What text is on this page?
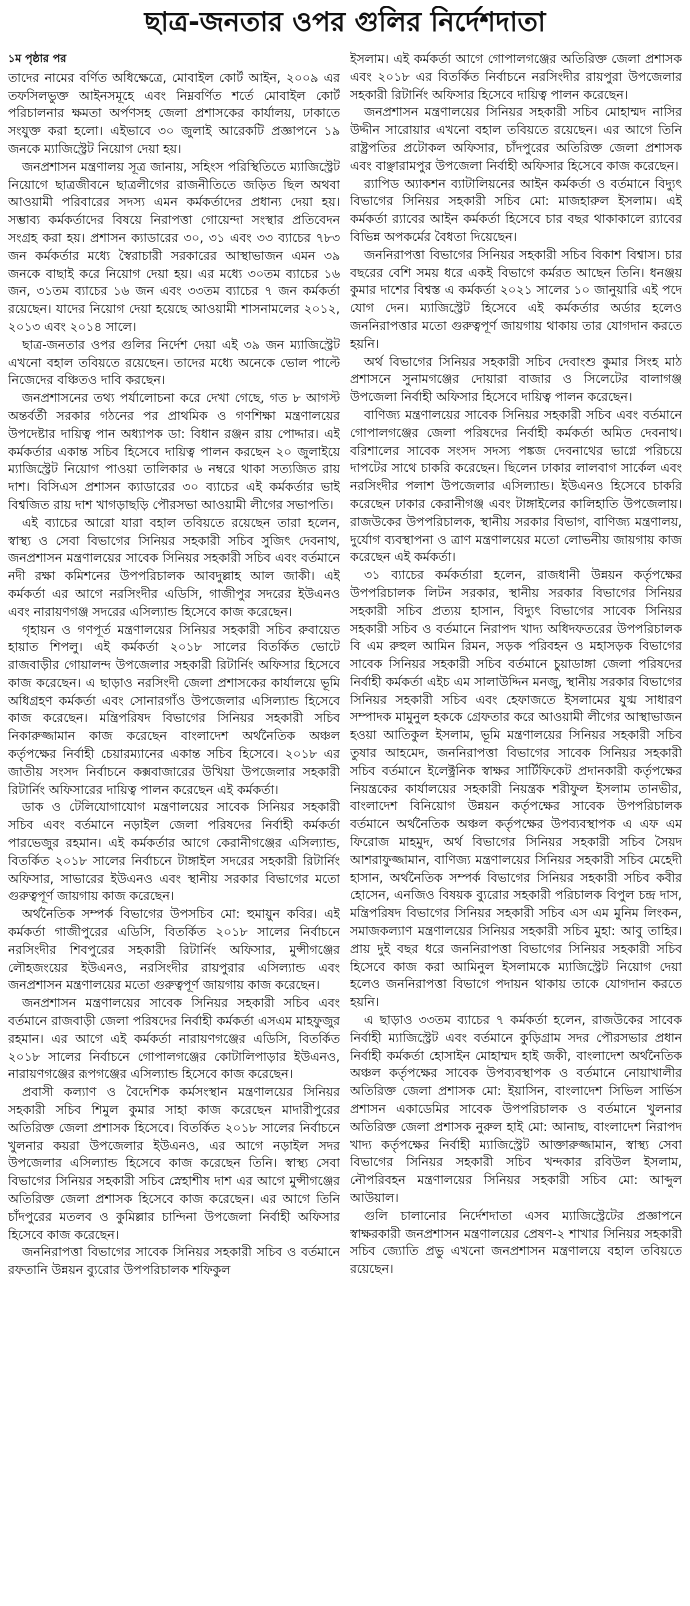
ছাত্র-জনতার ওপর গুলির নির্দেশদাতা
১ম পৃষ্ঠার পর

তাদের নামের বর্ণিত অধিক্ষেত্রে, মোবাইল কোর্ট আইন, ২০০৯ এর তফসিলভুক্ত আইনসমূহে এবং নিম্নবর্ণিত শর্তে মোবাইল কোর্ট পরিচালনার ক্ষমতা অর্পণসহ জেলা প্রশাসকের কার্যালয়, ঢাকাতে সংযুক্ত করা হলো। এইভাবে ৩০ জুলাই আরেকটি প্রজ্ঞাপনে ১৯ জনকে ম্যাজিস্ট্রেট নিয়োগ দেয়া হয়।

জনপ্রশাসন মন্ত্রণালয় সূত্র জানায়, সহিংস পরিস্থিতিতে ম্যাজিস্ট্রেট নিয়োগে ছাত্রজীবনে ছাত্রলীগের রাজনীতিতে জড়িত ছিল অথবা আওয়ামী পরিবারের সদস্য এমন কর্মকর্তাদের প্রধান্য দেয়া হয়। সম্ভাব্য কর্মকর্তাদের বিষয়ে নিরাপত্তা গোয়েন্দা সংস্থার প্রতিবেদন সংগ্রহ করা হয়। প্রশাসন ক্যাডারের ৩০, ৩১ এবং ৩৩ ব্যাচের ৭৮৩ জন কর্মকর্তার মধ্যে স্বৈরাচারী সরকারের আস্থাভাজন এমন ৩৯ জনকে বাছাই করে নিয়োগ দেয়া হয়। এর মধ্যে ৩০তম ব্যাচের ১৬ জন, ৩১তম ব্যাচের ১৬ জন এবং ৩৩তম ব্যাচের ৭ জন কর্মকর্তা রয়েছেন। যাদের নিয়োগ দেয়া হয়েছে আওয়ামী শাসনামলের ২০১২, ২০১৩ এবং ২০১৪ সালে।

ছাত্র-জনতার ওপর গুলির নির্দেশ দেয়া এই ৩৯ জন ম্যাজিস্ট্রেট এখনো বহাল তবিয়তে রয়েছেন। তাদের মধ্যে অনেকে ভোল পাল্টে নিজেদের বঞ্চিতও দাবি করছেন।

জনপ্রশাসনের তথ্য পর্যালোচনা করে দেখা গেছে, গত ৮ আগস্ট অন্তর্বর্তী সরকার গঠনের পর প্রাথমিক ও গণশিক্ষা মন্ত্রণালয়ের উপদেষ্টার দায়িত্ব পান অধ্যাপক ডা: বিধান রঞ্জন রায় পোদ্দার। এই কর্মকর্তার একান্ত সচিব হিসেবে দায়িত্ব পালন করছেন ২০ জুলাইয়ে ম্যাজিস্ট্রেট নিয়োগ পাওয়া তালিকার ৬ নম্বরে থাকা সত্যজিত রায় দাশ। বিসিএস প্রশাসন ক্যাডারের ৩০ ব্যাচের এই কর্মকর্তার ভাই বিশ্বজিত রায় দাশ খাগড়াছড়ি পৌরসভা আওয়ামী লীগের সভাপতি।

এই ব্যাচের আরো যারা বহাল তবিয়তে রয়েছেন তারা হলেন, স্বাস্থ্য ও সেবা বিভাগের সিনিয়র সহকারী সচিব সুজিৎ দেবনাথ, জনপ্রশাসন মন্ত্রণালয়ের সাবেক সিনিয়র সহকারী সচিব এবং বর্তমানে নদী রক্ষা কমিশনের উপপরিচালক আবদুল্লাহ আল জাকী। এই কর্মকর্তা এর আগে নরসিংদীর এডিসি, গাজীপুর সদরের ইউএনও এবং নারায়ণগঞ্জ সদরের এসিল্যান্ড হিসেবে কাজ করেছেন।

গৃহায়ন ও গণপূর্ত মন্ত্রণালয়ের সিনিয়র সহকারী সচিব রুবায়েত হায়াত শিপলু। এই কর্মকর্তা ২০১৮ সালের বিতর্কিত ভোটে রাজবাড়ীর গোয়ালন্দ উপজেলার সহকারী রিটার্নিং অফিসার হিসেবে কাজ করেছেন। এ ছাড়াও নরসিংদী জেলা প্রশাসকের কার্যালয়ে ভূমি অধিগ্রহণ কর্মকর্তা এবং সোনারগাঁও উপজেলার এসিল্যান্ড হিসেবে কাজ করেছেন। মন্ত্রিপরিষদ বিভাগের সিনিয়র সহকারী সচিব নিকারুজ্জামান কাজ করেছেন বাংলাদেশ অর্থনৈতিক অঞ্চল কর্তৃপক্ষের নির্বাহী চেয়ারম্যানের একান্ত সচিব হিসেবে। ২০১৮ এর জাতীয় সংসদ নির্বাচনে কক্সবাজারের উখিয়া উপজেলার সহকারী রিটার্নিং অফিসারের দায়িত্ব পালন করেছেন এই কর্মকর্তা।

ডাক ও টেলিযোগাযোগ মন্ত্রণালয়ের সাবেক সিনিয়র সহকারী সচিব এবং বর্তমানে নড়াইল জেলা পরিষদের নির্বাহী কর্মকর্তা পারভেজুর রহমান। এই কর্মকর্তার আগে কেরানীগঞ্জের এসিল্যান্ড, বিতর্কিত ২০১৮ সালের নির্বাচনে টাঙ্গাইল সদরের সহকারী রিটার্নিং অফিসার, সাভারের ইউএনও এবং স্থানীয় সরকার বিভাগের মতো গুরুত্বপূর্ণ জায়গায় কাজ করেছেন।

অর্থনৈতিক সম্পর্ক বিভাগের উপসচিব মো: হুমায়ুন কবির। এই কর্মকর্তা গাজীপুরের এডিসি, বিতর্কিত ২০১৮ সালের নির্বাচনে নরসিংদীর শিবপুরের সহকারী রিটার্নিং অফিসার, মুন্সীগঞ্জের লৌহজংয়ের ইউএনও, নরসিংদীর রায়পুরার এসিল্যান্ড এবং জনপ্রশাসন মন্ত্রণালয়ের মতো গুরুত্বপূর্ণ জায়গায় কাজ করেছেন।

জনপ্রশাসন মন্ত্রণালয়ের সাবেক সিনিয়র সহকারী সচিব এবং বর্তমানে রাজবাড়ী জেলা পরিষদের নির্বাহী কর্মকর্তা এসএম মাহফুজুর রহমান। এর আগে এই কর্মকর্তা নারায়ণগঞ্জের এডিসি, বিতর্কিত ২০১৮ সালের নির্বাচনে গোপালগঞ্জের কোটালিপাড়ার ইউএনও, নারায়ণগঞ্জের রূপগঞ্জের এসিল্যান্ড হিসেবে কাজ করেছেন।

প্রবাসী কল্যাণ ও বৈদেশিক কর্মসংস্থান মন্ত্রণালয়ের সিনিয়র সহকারী সচিব শিমুল কুমার সাহা কাজ করেছেন মাদারীপুরের অতিরিক্ত জেলা প্রশাসক হিসেবে। বিতর্কিত ২০১৮ সালের নির্বাচনে খুলনার কয়রা উপজেলার ইউএনও, এর আগে নড়াইল সদর উপজেলার এসিল্যান্ড হিসেবে কাজ করেছেন তিনি। স্বাস্থ্য সেবা বিভাগের সিনিয়র সহকারী সচিব স্নেহাশীষ দাশ এর আগে মুন্সীগঞ্জের অতিরিক্ত জেলা প্রশাসক হিসেবে কাজ করেছেন। এর আগে তিনি চাঁদপুরের মতলব ও কুমিল্লার চান্দিনা উপজেলা নির্বাহী অফিসার হিসেবে কাজ করেছেন।

জননিরাপত্তা বিভাগের সাবেক সিনিয়র সহকারী সচিব ও বর্তমানে রফতানি উন্নয়ন ব্যুরোর উপপরিচালক শফিকুল

ইসলাম। এই কর্মকর্তা আগে গোপালগঞ্জের অতিরিক্ত জেলা প্রশাসক এবং ২০১৮ এর বিতর্কিত নির্বাচনে নরসিংদীর রায়পুরা উপজেলার সহকারী রিটার্নিং অফিসার হিসেবে দায়িত্ব পালন করেছেন।

জনপ্রশাসন মন্ত্রণালয়ের সিনিয়র সহকারী সচিব মোহাম্মদ নাসির উদ্দীন সারোয়ার এখনো বহাল তবিয়তে রয়েছেন। এর আগে তিনি রাষ্ট্রপতির প্রটোকল অফিসার, চাঁদপুরের অতিরিক্ত জেলা প্রশাসক এবং বাঞ্ছারামপুর উপজেলা নির্বাহী অফিসার হিসেবে কাজ করেছেন।

র‌্যাপিড অ্যাকশন ব্যাটালিয়নের আইন কর্মকর্তা ও বর্তমানে বিদ্যুৎ বিভাগের সিনিয়র সহকারী সচিব মো: মাজহারুল ইসলাম। এই কর্মকর্তা র‌্যাবের আইন কর্মকর্তা হিসেবে চার বছর থাকাকালে র‌্যাবের বিভিন্ন অপকর্মের বৈধতা দিয়েছেন।

জননিরাপত্তা বিভাগের সিনিয়র সহকারী সচিব বিকাশ বিশ্বাস। চার বছরের বেশি সময় ধরে একই বিভাগে কর্মরত আছেন তিনি। ধনঞ্জয় কুমার দাশের বিশ্বস্ত এ কর্মকর্তা ২০২১ সালের ১০ জানুয়ারি এই পদে যোগ দেন। ম্যাজিস্ট্রেট হিসেবে এই কর্মকর্তার অর্ডার হলেও জননিরাপত্তার মতো গুরুত্বপূর্ণ জায়গায় থাকায় তার যোগদান করতে হয়নি।

অর্থ বিভাগের সিনিয়র সহকারী সচিব দেবাংশু কুমার সিংহ মাঠ প্রশাসনে সুনামগঞ্জের দোয়ারা বাজার ও সিলেটের বালাগঞ্জ উপজেলা নির্বাহী অফিসার হিসেবে দায়িত্ব পালন করেছেন।

বাণিজ্য মন্ত্রণালয়ের সাবেক সিনিয়র সহকারী সচিব এবং বর্তমানে গোপালগঞ্জের জেলা পরিষদের নির্বাহী কর্মকর্তা অমিত দেবনাথ। বরিশালের সাবেক সংসদ সদস্য পঙ্কজ দেবনাথের ভাগ্নে পরিচয়ে দাপটের সাথে চাকরি করেছেন। ছিলেন ঢাকার লালবাগ সার্কেল এবং নরসিংদীর পলাশ উপজেলার এসিল্যান্ড। ইউএনও হিসেবে চাকরি করেছেন ঢাকার কেরানীগঞ্জ এবং টাঙ্গাইলের কালিহাতি উপজেলায়। রাজউকের উপপরিচালক, স্থানীয় সরকার বিভাগ, বাণিজ্য মন্ত্রণালয়, দুর্যোগ ব্যবস্থাপনা ও ত্রাণ মন্ত্রণালয়ের মতো লোভনীয় জায়গায় কাজ করেছেন এই কর্মকর্তা।

৩১ ব্যাচের কর্মকর্তারা হলেন, রাজধানী উন্নয়ন কর্তৃপক্ষের উপপরিচালক লিটন সরকার, স্থানীয় সরকার বিভাগের সিনিয়র সহকারী সচিব প্রত্যয় হাসান, বিদ্যুৎ বিভাগের সাবেক সিনিয়র সহকারী সচিব ও বর্তমানে নিরাপদ খাদ্য অধিদফতরের উপপরিচালক বি এম রুহুল আমিন রিমন, সড়ক পরিবহন ও মহাসড়ক বিভাগের সাবেক সিনিয়র সহকারী সচিব বর্তমানে চুয়াডাঙ্গা জেলা পরিষদের নির্বাহী কর্মকর্তা এইচ এম সালাউদ্দিন মনজু, স্থানীয় সরকার বিভাগের সিনিয়র সহকারী সচিব এবং হেফাজতে ইসলামের যুগ্ম সাধারণ সম্পাদক মামুনুল হককে গ্রেফতার করে আওয়ামী লীগের আস্থাভাজন হওয়া আতিকুল ইসলাম, ভূমি মন্ত্রণালয়ের সিনিয়র সহকারী সচিব তুষার আহমেদ, জননিরাপত্তা বিভাগের সাবেক সিনিয়র সহকারী সচিব বর্তমানে ইলেক্ট্রনিক স্বাক্ষর সার্টিফিকেট প্রদানকারী কর্তৃপক্ষের নিয়ন্ত্রকের কার্যালয়ের সহকারী নিয়ন্ত্রক শরীফুল ইসলাম তানভীর, বাংলাদেশ বিনিয়োগ উন্নয়ন কর্তৃপক্ষের সাবেক উপপরিচালক বর্তমানে অর্থনৈতিক অঞ্চল কর্তৃপক্ষের উপব্যবস্থাপক এ এফ এম ফিরোজ মাহমুদ, অর্থ বিভাগের সিনিয়র সহকারী সচিব সৈয়দ আশরাফুজ্জামান, বাণিজ্য মন্ত্রণালয়ের সিনিয়র সহকারী সচিব মেহেদী হাসান, অর্থনৈতিক সম্পর্ক বিভাগের সিনিয়র সহকারী সচিব কবীর হোসেন, এনজিও বিষয়ক ব্যুরোর সহকারী পরিচালক বিপুল চন্দ্র দাস, মন্ত্রিপরিষদ বিভাগের সিনিয়র সহকারী সচিব এস এম মুনিম লিংকন, সমাজকল্যাণ মন্ত্রণালয়ের সিনিয়র সহকারী সচিব মুহা: আবু তাহির। প্রায় দুই বছর ধরে জননিরাপত্তা বিভাগের সিনিয়র সহকারী সচিব হিসেবে কাজ করা আমিনুল ইসলামকে ম্যাজিস্ট্রেট নিয়োগ দেয়া হলেও জননিরাপত্তা বিভাগে পদায়ন থাকায় তাকে যোগদান করতে হয়নি।

এ ছাড়াও ৩৩তম ব্যাচের ৭ কর্মকর্তা হলেন, রাজউকের সাবেক নির্বাহী ম্যাজিস্ট্রেট এবং বর্তমানে কুড়িগ্রাম সদর পৌরসভার প্রধান নির্বাহী কর্মকর্তা হোসাইন মোহাম্মদ হাই জকী, বাংলাদেশ অর্থনৈতিক অঞ্চল কর্তৃপক্ষের সাবেক উপব্যবস্থাপক ও বর্তমানে নোয়াখালীর অতিরিক্ত জেলা প্রশাসক মো: ইয়াসিন, বাংলাদেশ সিভিল সার্ভিস প্রশাসন একাডেমির সাবেক উপপরিচালক ও বর্তমানে খুলনার অতিরিক্ত জেলা প্রশাসক নুরুল হাই মো: আনাছ, বাংলাদেশ নিরাপদ খাদ্য কর্তৃপক্ষের নির্বাহী ম্যাজিস্ট্রেট আক্তারুজ্জামান, স্বাস্থ্য সেবা বিভাগের সিনিয়র সহকারী সচিব খন্দকার রবিউল ইসলাম, নৌপরিবহন মন্ত্রণালয়ের সিনিয়র সহকারী সচিব মো: আব্দুল আউয়াল।

গুলি চালানোর নির্দেশদাতা এসব ম্যাজিস্ট্রেটের প্রজ্ঞাপনে স্বাক্ষরকারী জনপ্রশাসন মন্ত্রণালয়ের প্রেষণ-২ শাখার সিনিয়র সহকারী সচিব জ্যোতি প্রভু এখনো জনপ্রশাসন মন্ত্রণালয়ে বহাল তবিয়তে রয়েছেন।
